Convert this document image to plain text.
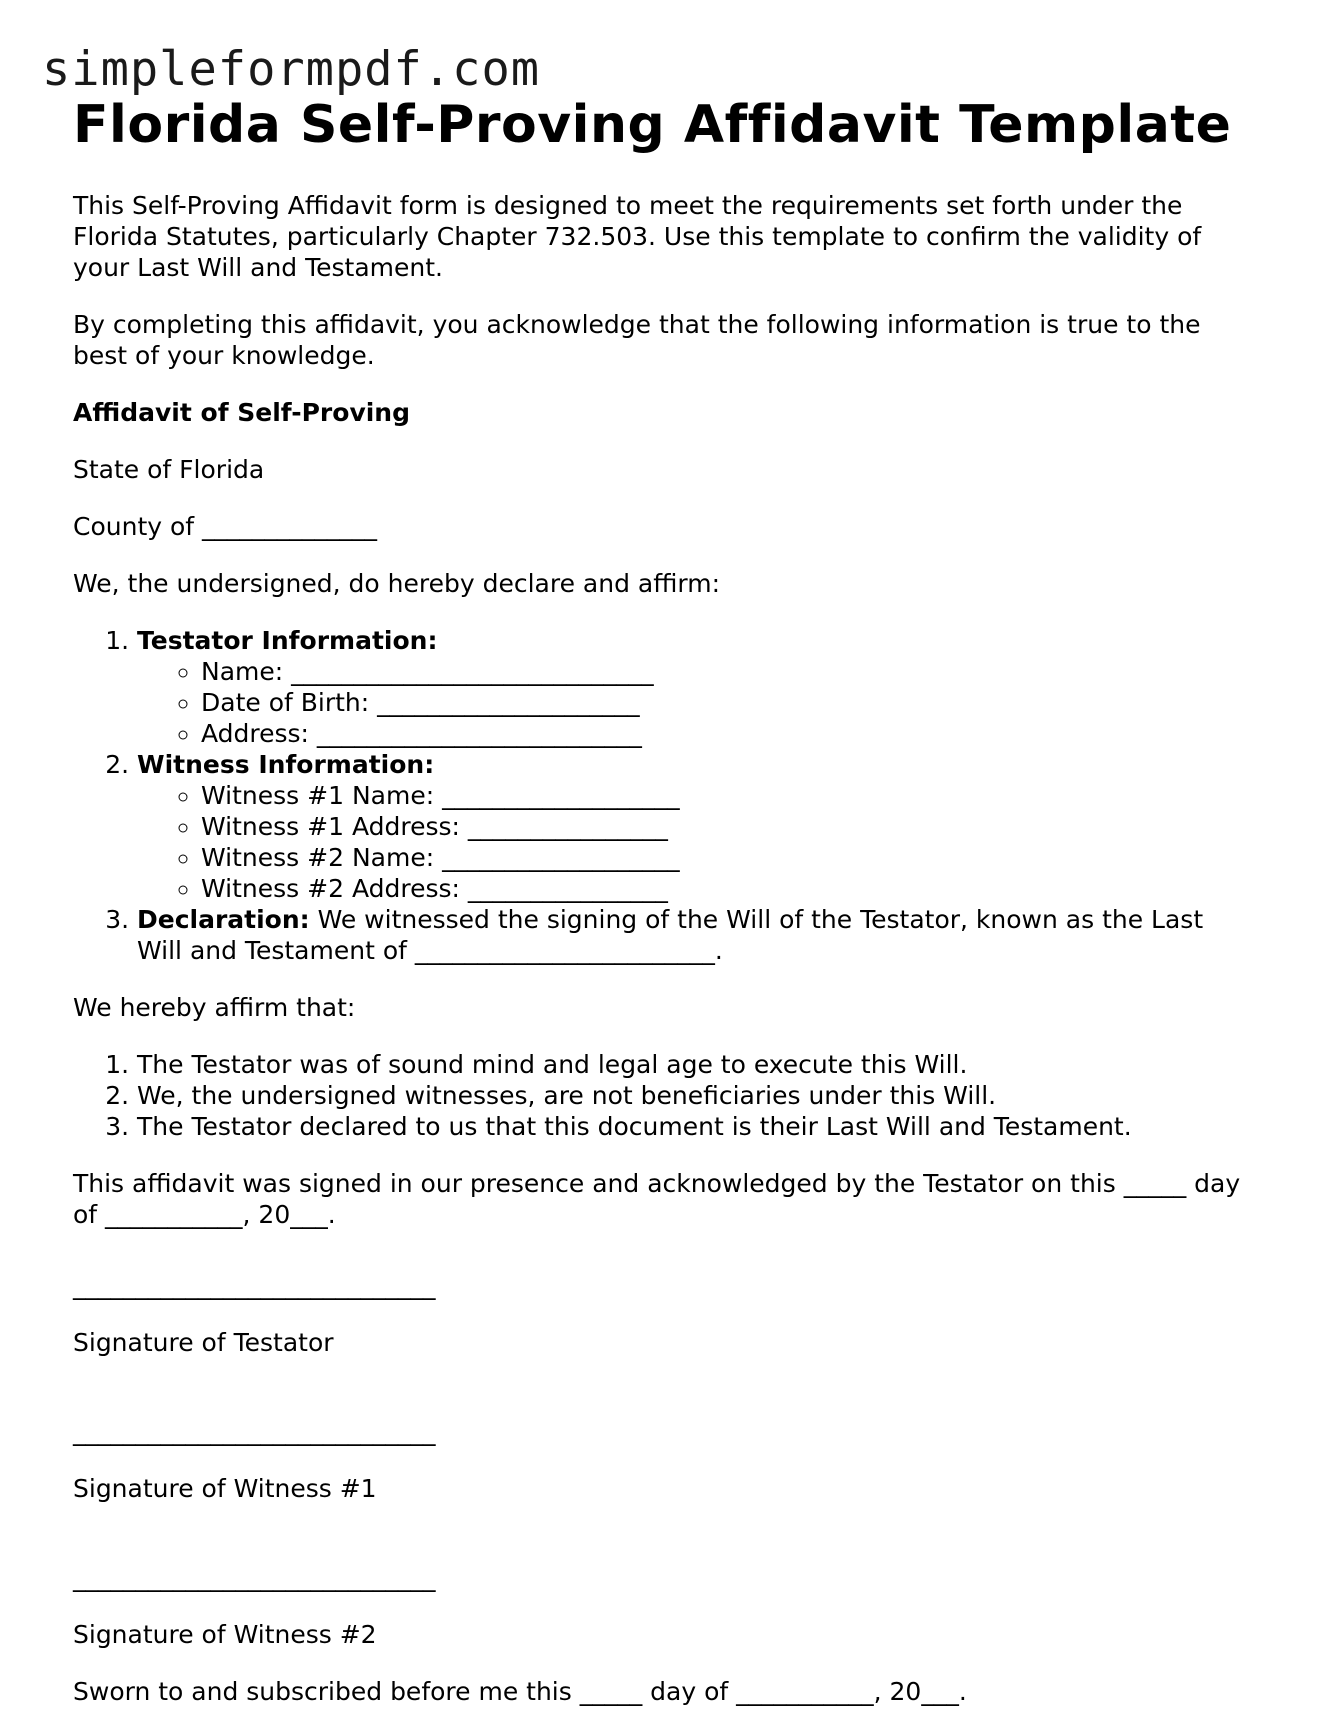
simpleformpdf.com
Florida Self-Proving Affidavit Template

This Self-Proving Affidavit form is designed to meet the requirements set forth under the Florida Statutes, particularly Chapter 732.503. Use this template to confirm the validity of your Last Will and Testament.

By completing this affidavit, you acknowledge that the following information is true to the best of your knowledge.

Affidavit of Self-Proving

State of Florida

County of ______________

We, the undersigned, do hereby declare and affirm:

1. Testator Information:
◦ Name: _____________________________
◦ Date of Birth: _____________________
◦ Address: __________________________
2. Witness Information:
◦ Witness #1 Name: ___________________
◦ Witness #1 Address: ________________
◦ Witness #2 Name: ___________________
◦ Witness #2 Address: ________________
3. Declaration: We witnessed the signing of the Will of the Testator, known as the Last Will and Testament of ________________________.

We hereby affirm that:

1. The Testator was of sound mind and legal age to execute this Will.
2. We, the undersigned witnesses, are not beneficiaries under this Will.
3. The Testator declared to us that this document is their Last Will and Testament.

This affidavit was signed in our presence and acknowledged by the Testator on this _____ day of ___________, 20___.

_____________________________

Signature of Testator

_____________________________

Signature of Witness #1

_____________________________

Signature of Witness #2

Sworn to and subscribed before me this _____ day of ___________, 20___.
